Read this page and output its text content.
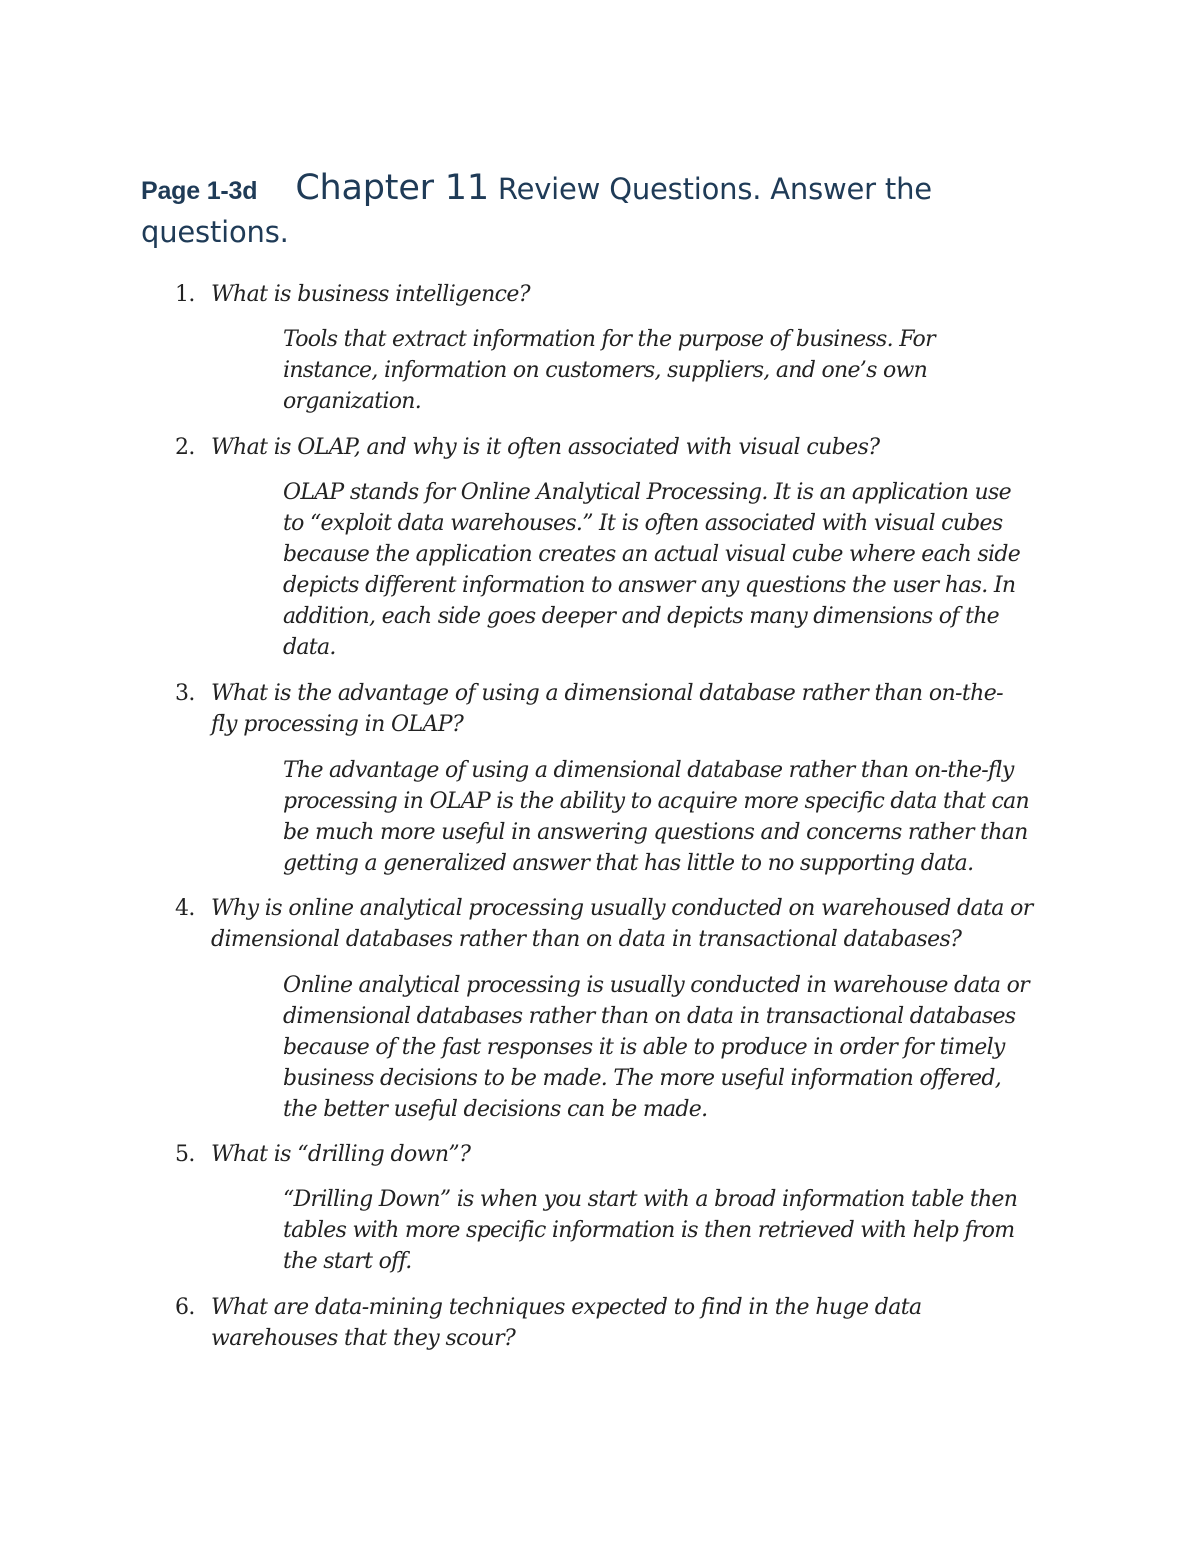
Page 1-3d Chapter 11 Review Questions. Answer the
questions.
1. What is business intelligence?
Tools that extract information for the purpose of business. For
instance, information on customers, suppliers, and one’s own
organization.
2. What is OLAP, and why is it often associated with visual cubes?
OLAP stands for Online Analytical Processing. It is an application use
to “exploit data warehouses.” It is often associated with visual cubes
because the application creates an actual visual cube where each side
depicts different information to answer any questions the user has. In
addition, each side goes deeper and depicts many dimensions of the
data.
3. What is the advantage of using a dimensional database rather than on-the-
fly processing in OLAP?
The advantage of using a dimensional database rather than on-the-fly
processing in OLAP is the ability to acquire more specific data that can
be much more useful in answering questions and concerns rather than
getting a generalized answer that has little to no supporting data.
4. Why is online analytical processing usually conducted on warehoused data or
dimensional databases rather than on data in transactional databases?
Online analytical processing is usually conducted in warehouse data or
dimensional databases rather than on data in transactional databases
because of the fast responses it is able to produce in order for timely
business decisions to be made. The more useful information offered,
the better useful decisions can be made.
5. What is “drilling down”?
“Drilling Down” is when you start with a broad information table then
tables with more specific information is then retrieved with help from
the start off.
6. What are data-mining techniques expected to find in the huge data
warehouses that they scour?
